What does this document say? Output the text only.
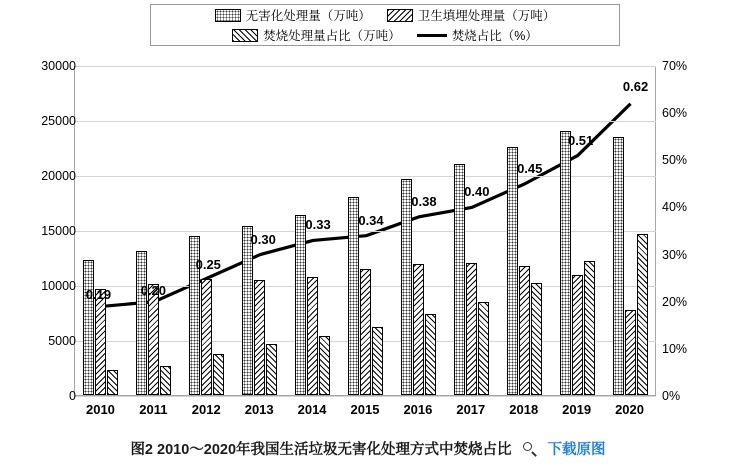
无害化处理量（万吨）	卫生填埋处理量（万吨）
焚烧处理量占比（万吨）	焚烧占比（%）
图2 2010～2020年我国生活垃圾无害化处理方式中焚烧占比 下载原图
0
5000
10000
15000
20000
25000
30000
0%
10%
20%
30%
40%
50%
60%
70%
2010 2011 2012 2013 2014 2015 2016 2017 2018 2019 2020
0.19 0.20
0.25
0.30
0.33 0.34
0.38
0.40
0.45
0.51
0.62
